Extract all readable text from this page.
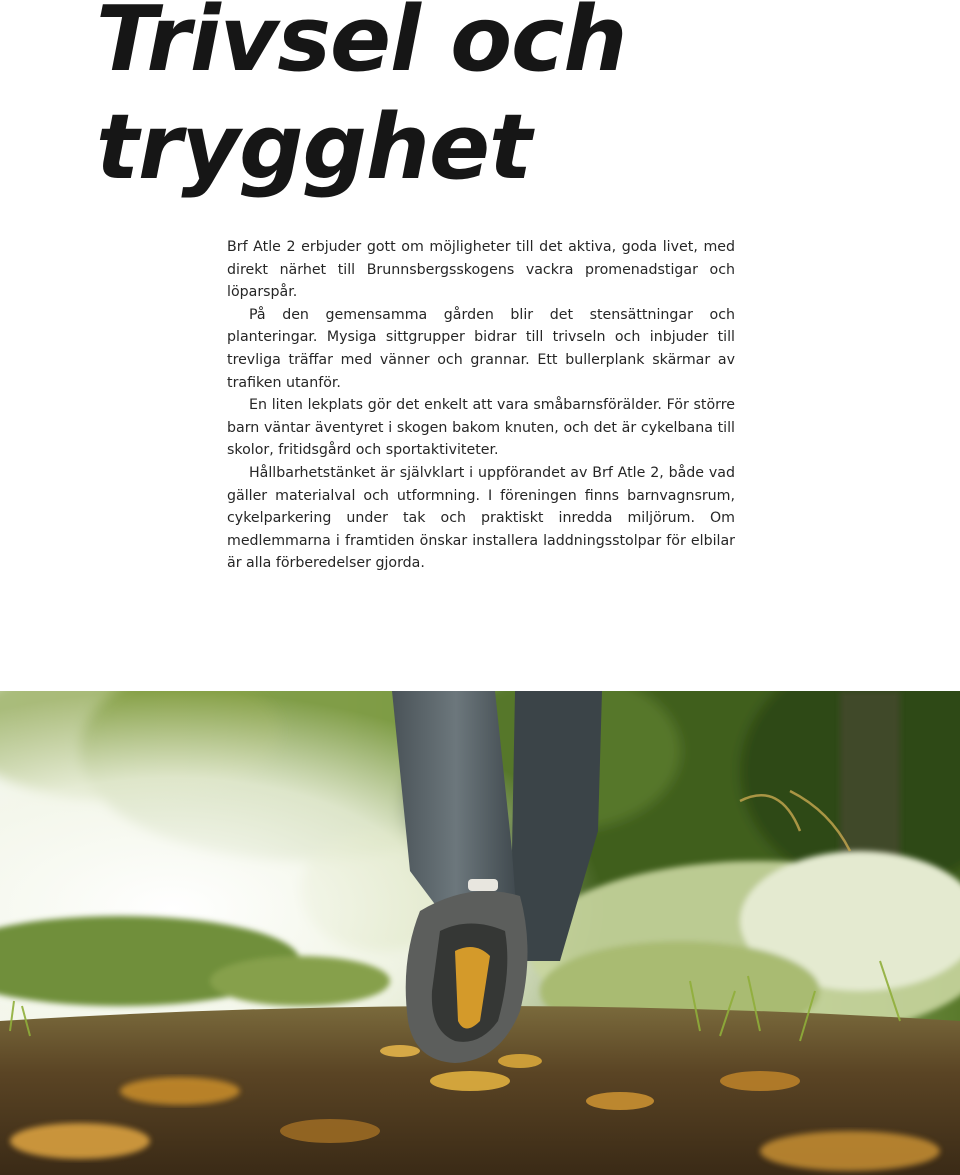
Trivsel och
trygghet

Brf Atle 2 erbjuder gott om möjligheter till det aktiva, goda livet, med direkt närhet till Brunnsbergsskogens vackra promenadstigar och löparspår.

På den gemensamma gården blir det stensättningar och planteringar. Mysiga sittgrupper bidrar till trivseln och inbjuder till trevliga träffar med vänner och grannar. Ett bullerplank skärmar av trafiken utanför.

En liten lekplats gör det enkelt att vara småbarnsförälder. För större barn väntar äventyret i skogen bakom knuten, och det är cykelbana till skolor, fritidsgård och sportaktiviteter.

Hållbarhetstänket är självklart i uppförandet av Brf Atle 2, både vad gäller materialval och utformning. I föreningen finns barnvagnsrum, cykelparkering under tak och praktiskt inredda miljörum. Om medlemmarna i framtiden önskar installera laddningsstolpar för elbilar är alla förberedelser gjorda.
